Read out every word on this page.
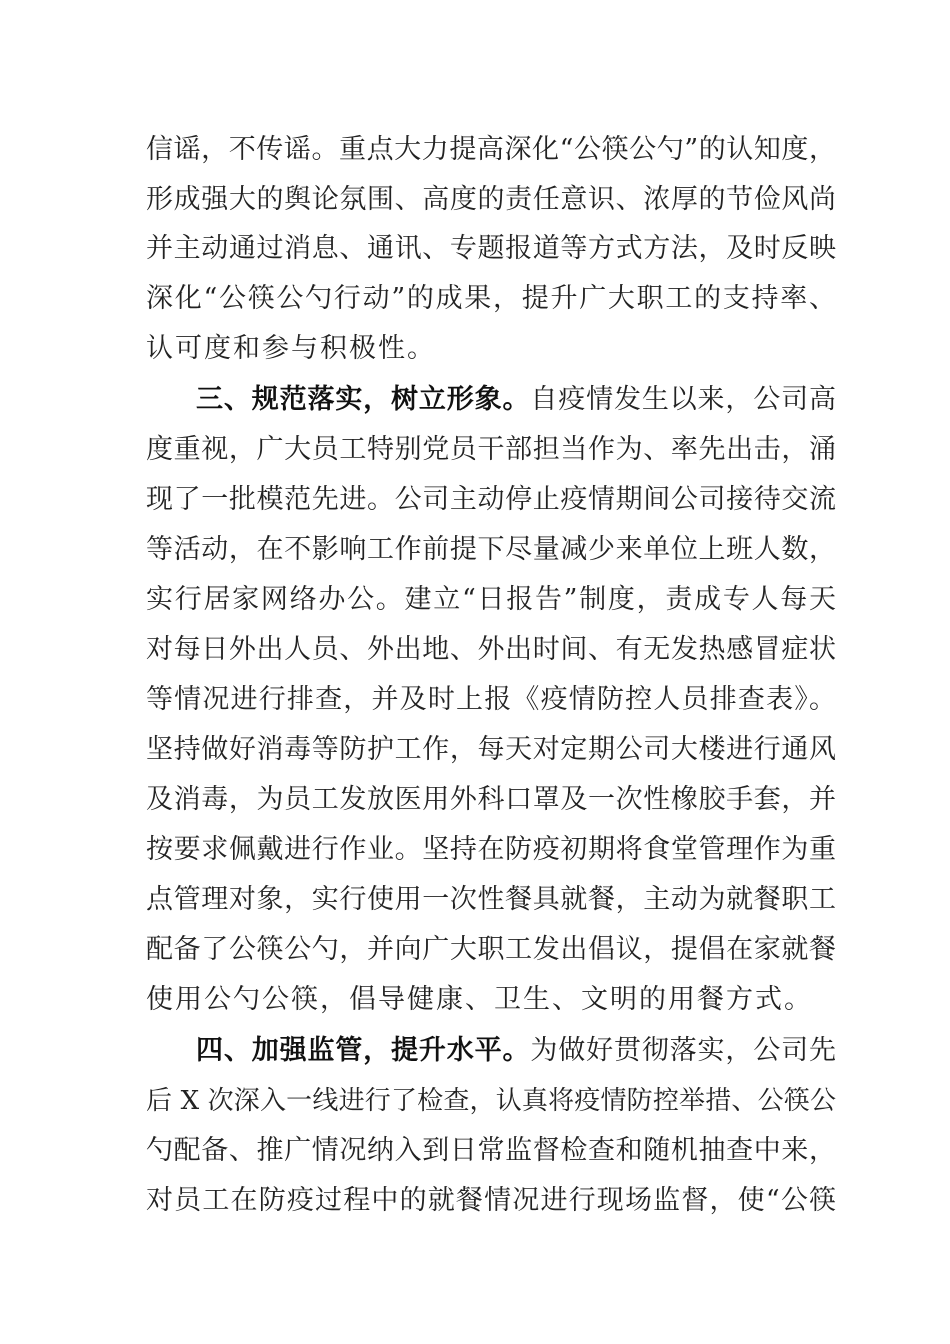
信谣，不传谣。重点大力提高深化“公筷公勺”的认知度，
形成强大的舆论氛围、高度的责任意识、浓厚的节俭风尚
并主动通过消息、通讯、专题报道等方式方法，及时反映
深化“公筷公勺行动”的成果，提升广大职工的支持率、
认可度和参与积极性。
三、规范落实，树立形象。自疫情发生以来，公司高
度重视，广大员工特别党员干部担当作为、率先出击，涌
现了一批模范先进。公司主动停止疫情期间公司接待交流
等活动，在不影响工作前提下尽量减少来单位上班人数，
实行居家网络办公。建立“日报告”制度，责成专人每天
对每日外出人员、外出地、外出时间、有无发热感冒症状
等情况进行排查，并及时上报《疫情防控人员排查表》。
坚持做好消毒等防护工作，每天对定期公司大楼进行通风
及消毒，为员工发放医用外科口罩及一次性橡胶手套，并
按要求佩戴进行作业。坚持在防疫初期将食堂管理作为重
点管理对象，实行使用一次性餐具就餐，主动为就餐职工
配备了公筷公勺，并向广大职工发出倡议，提倡在家就餐
使用公勺公筷，倡导健康、卫生、文明的用餐方式。
四、加强监管，提升水平。为做好贯彻落实，公司先
后 X 次深入一线进行了检查，认真将疫情防控举措、公筷公
勺配备、推广情况纳入到日常监督检查和随机抽查中来，
对员工在防疫过程中的就餐情况进行现场监督，使“公筷
